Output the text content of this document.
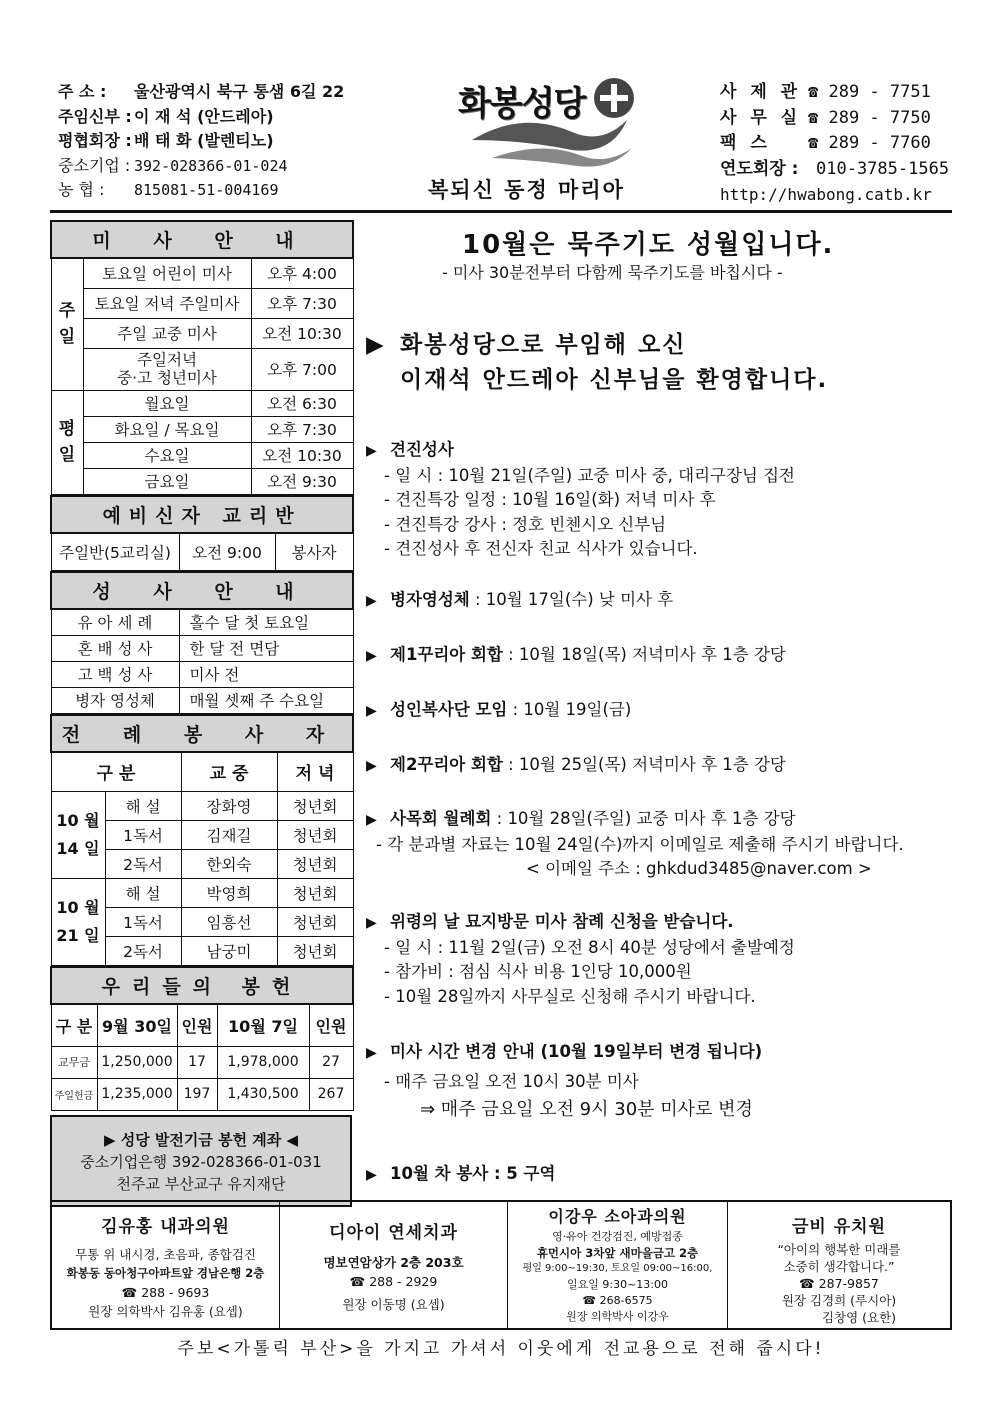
주 소 :	울산광역시 북구 통샘 6길 22
주임신부 : 이 재 석 (안드레아)
평협회장 : 배 태 화 (발렌티노)
중소기업 : 392-028366-01-024
농 협 :	815081-51-004169
화봉성당
복되신 동정 마리아
사 제 관 ☎ 289 - 7751
사 무 실 ☎ 289 - 7750
팩 스	☎ 289 - 7760
연도회장 :	010-3785-1565
http://hwabong.catb.kr
미 사 안 내		
주일	토요일 어린이 미사	오후 4:00
	토요일 저녁 주일미사	오후 7:30
	주일 교중 미사	오전 10:30
	주일저녁
중·고 청년미사	오후 7:00
평일	월요일	오전 6:30
	화요일 / 목요일	오후 7:30
	수요일	오전 10:30
	금요일	오전 9:30
예비신자 교리반
주일반(5교리실)	오전 9:00	봉사자
성 사 안 내	
유 아 세 례	홀수 달 첫 토요일
혼 배 성 사	한 달 전 면담
고 백 성 사	미사 전
병자 영성체	매월 셋째 주 수요일
전 례 봉 사 자			
구 분		교 중	저 녁
10 월
14 일	해 설	장화영	청년회
	1독서	김재길	청년회
	2독서	한외숙	청년회
10 월
21 일	해 설	박영희	청년회
	1독서	임흥선	청년회
	2독서	남궁미	청년회
우리들의 봉헌				
구 분	9월 30일	인원	10월 7일	인원
교무금	1,250,000	17	1,978,000	27
주일헌금	1,235,000	197	1,430,500	267
▶ 성당 발전기금 봉헌 계좌 ◀
중소기업은행 392-028366-01-031
천주교 부산교구 유지재단
10월은 묵주기도 성월입니다.
- 미사 30분전부터 다함께 묵주기도를 바칩시다 -
▶ 화봉성당으로 부임해 오신
이재석 안드레아 신부님을 환영합니다.
▶ 견진성사
- 일 시 : 10월 21일(주일) 교중 미사 중, 대리구장님 집전
- 견진특강 일정 : 10월 16일(화) 저녁 미사 후
- 견진특강 강사 : 정호 빈첸시오 신부님
- 견진성사 후 전신자 친교 식사가 있습니다.
▶ 병자영성체 : 10월 17일(수) 낮 미사 후
▶ 제1꾸리아 회합 : 10월 18일(목) 저녁미사 후 1층 강당
▶ 성인복사단 모임 : 10월 19일(금)
▶ 제2꾸리아 회합 : 10월 25일(목) 저녁미사 후 1층 강당
▶ 사목회 월례회 : 10월 28일(주일) 교중 미사 후 1층 강당
- 각 분과별 자료는 10월 24일(수)까지 이메일로 제출해 주시기 바랍니다.
< 이메일 주소 : ghkdud3485@naver.com >
▶ 위령의 날 묘지방문 미사 참례 신청을 받습니다.
- 일 시 : 11월 2일(금) 오전 8시 40분 성당에서 출발예정
- 참가비 : 점심 식사 비용 1인당 10,000원
- 10월 28일까지 사무실로 신청해 주시기 바랍니다.
▶ 미사 시간 변경 안내 (10월 19일부터 변경 됩니다)
- 매주 금요일 오전 10시 30분 미사
⇒ 매주 금요일 오전 9시 30분 미사로 변경
▶ 10월 차 봉사 : 5 구역
김유홍 내과의원
무통 위 내시경, 초음파, 종합검진
화봉동 동아청구아파트앞 경남은행 2층
☎ 288 - 9693
원장 의학박사 김유홍 (요셉)
디아이 연세치과
명보연암상가 2층 203호
☎ 288 - 2929
원장 이동명 (요셉)
이강우 소아과의원
영·유아 건강검진, 예방접종
휴먼시아 3차앞 새마을금고 2층
평일 9:00~19:30, 토요일 09:00~16:00,
일요일 9:30~13:00
☎ 268-6575
원장 의학박사 이강우
금비 유치원
“아이의 행복한 미래를
소중히 생각합니다.”
☎ 287-9857
원장 김경희 (루시아)
김창영 (요한)
주보<가톨릭 부산>을 가지고 가셔서 이웃에게 전교용으로 전해 줍시다!
